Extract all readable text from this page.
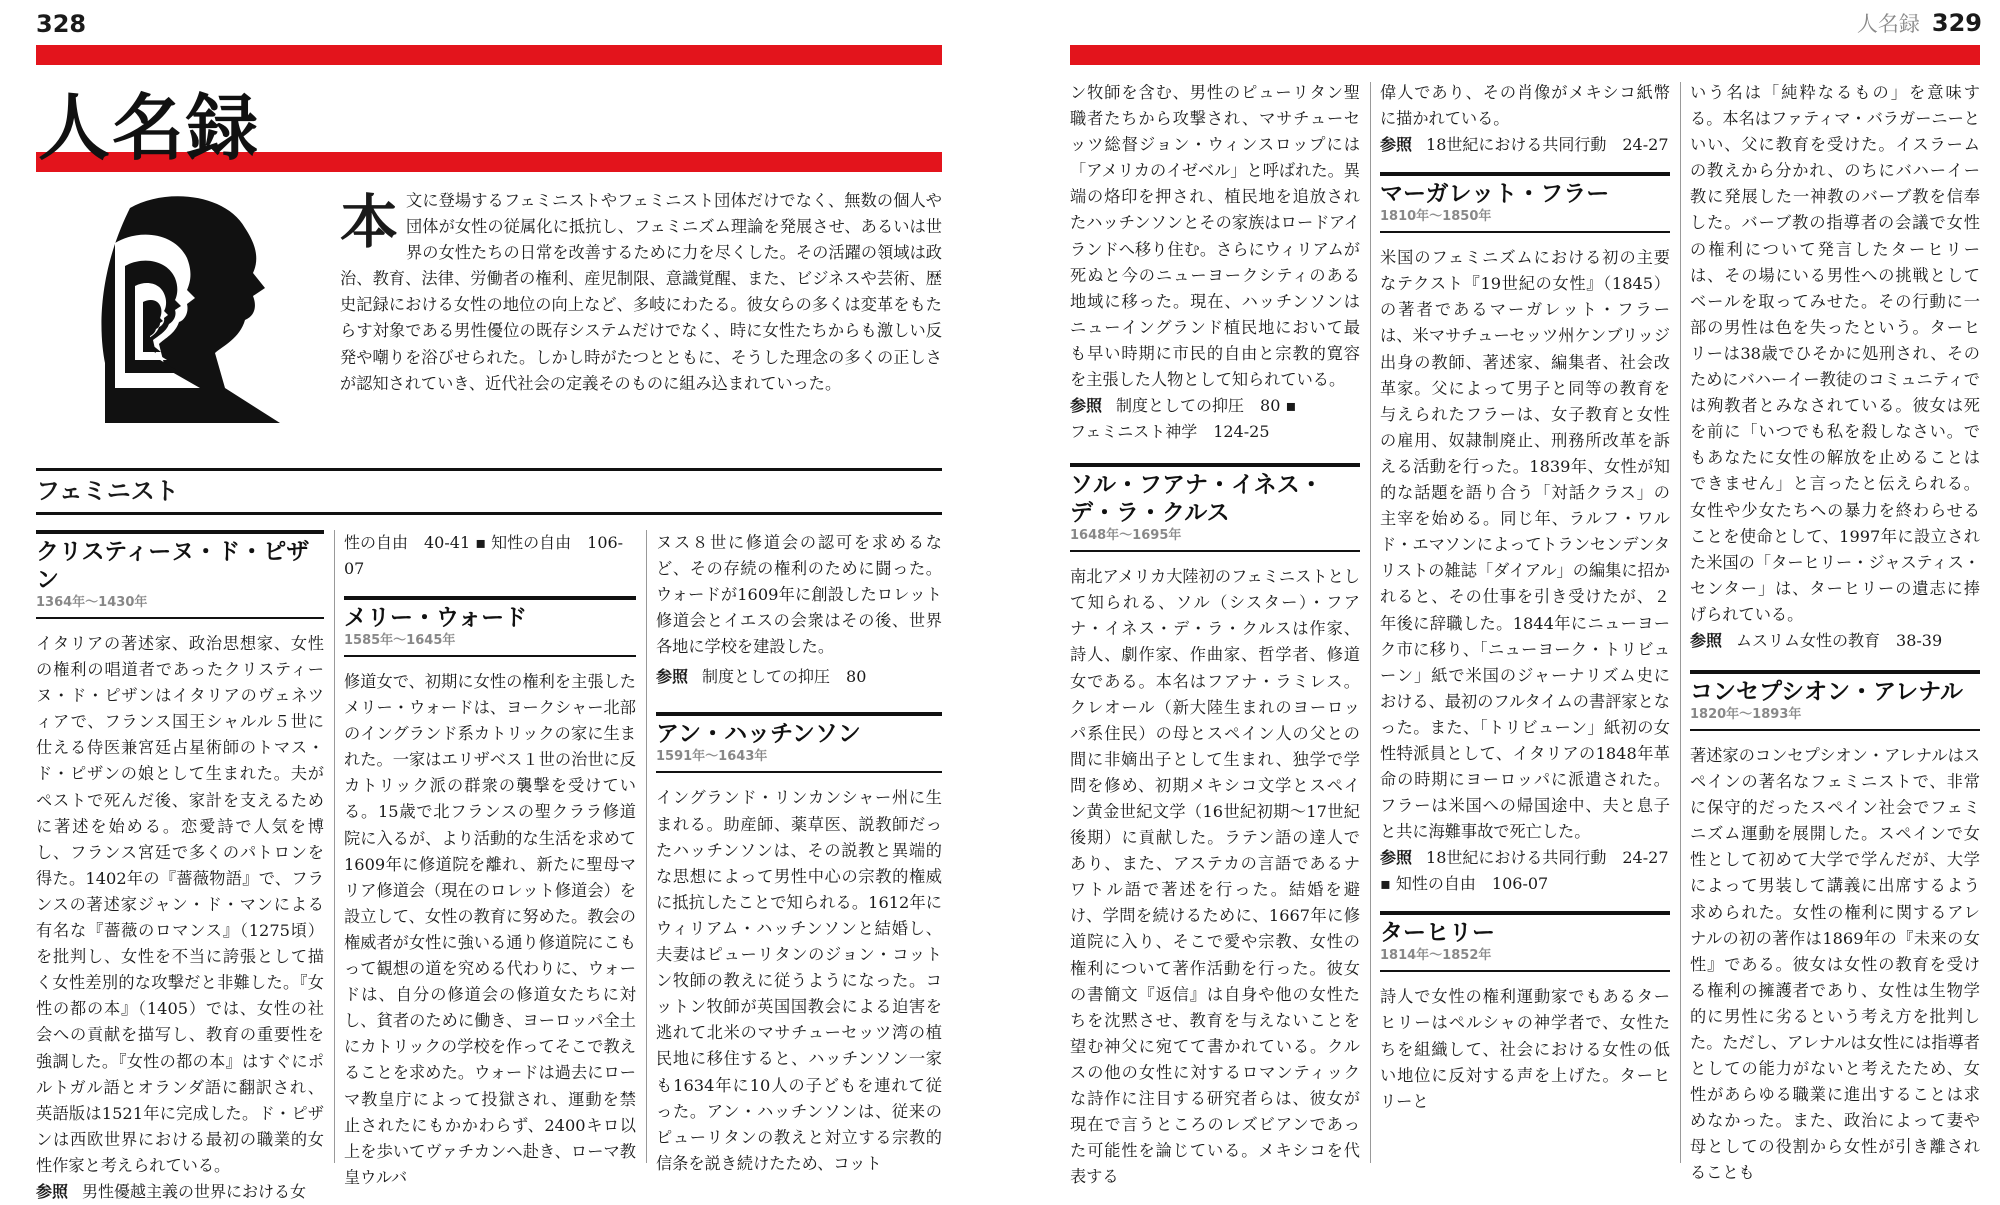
328	人名録 329
人名録
本 文に登場するフェミニストやフェミニスト団体だけでなく、無数の個人や団体が女性の従属化に抵抗し、フェミニズム理論を発展させ、あるいは世界の女性たちの日常を改善するために力を尽くした。その活躍の領域は政治、教育、法律、労働者の権利、産児制限、意識覚醒、また、ビジネスや芸術、歴史記録における女性の地位の向上など、多岐にわたる。彼女らの多くは変革をもたらす対象である男性優位の既存システムだけでなく、時に女性たちからも激しい反発や嘲りを浴びせられた。しかし時がたつとともに、そうした理念の多くの正しさが認知されていき、近代社会の定義そのものに組み込まれていった。

フェミニスト
クリスティーヌ・ド・ピザン
1364年～1430年

イタリアの著述家、政治思想家、女性の権利の唱道者であったクリスティーヌ・ド・ピザンはイタリアのヴェネツィアで、フランス国王シャルル５世に仕える侍医兼宮廷占星術師のトマス・ド・ピザンの娘として生まれた。夫がペストで死んだ後、家計を支えるために著述を始める。恋愛詩で人気を博し、フランス宮廷で多くのパトロンを得た。1402年の『薔薇物語』で、フランスの著述家ジャン・ド・マンによる有名な『薔薇のロマンス』（1275頃）を批判し、女性を不当に誇張として描く女性差別的な攻撃だと非難した。『女性の都の本』（1405）では、女性の社会への貢献を描写し、教育の重要性を強調した。『女性の都の本』はすぐにポルトガル語とオランダ語に翻訳され、英語版は1521年に完成した。ド・ピザンは西欧世界における最初の職業的女性作家と考えられている。

参照 男性優越主義の世界における女
性の自由　40-41 ▪ 知性の自由　106-07
メリー・ウォード
1585年～1645年

修道女で、初期に女性の権利を主張したメリー・ウォードは、ヨークシャー北部のイングランド系カトリックの家に生まれた。一家はエリザベス１世の治世に反カトリック派の群衆の襲撃を受けている。15歳で北フランスの聖クララ修道院に入るが、より活動的な生活を求めて1609年に修道院を離れ、新たに聖母マリア修道会（現在のロレット修道会）を設立して、女性の教育に努めた。教会の権威者が女性に強いる通り修道院にこもって観想の道を究める代わりに、ウォードは、自分の修道会の修道女たちに対し、貧者のために働き、ヨーロッパ全土にカトリックの学校を作ってそこで教えることを求めた。ウォードは過去にローマ教皇庁によって投獄され、運動を禁止されたにもかかわらず、2400キロ以上を歩いてヴァチカンへ赴き、ローマ教皇ウルバ

ヌス８世に修道会の認可を求めるなど、その存続の権利のために闘った。ウォードが1609年に創設したロレット修道会とイエスの会衆はその後、世界各地に学校を建設した。

参照 制度としての抑圧　80
アン・ハッチンソン
1591年～1643年

イングランド・リンカンシャー州に生まれる。助産師、薬草医、説教師だったハッチンソンは、その説教と異端的な思想によって男性中心の宗教的権威に抵抗したことで知られる。1612年にウィリアム・ハッチンソンと結婚し、夫妻はピューリタンのジョン・コットン牧師の教えに従うようになった。コットン牧師が英国国教会による迫害を逃れて北米のマサチューセッツ湾の植民地に移住すると、ハッチンソン一家も1634年に10人の子どもを連れて従った。アン・ハッチンソンは、従来のピューリタンの教えと対立する宗教的信条を説き続けたため、コット

ン牧師を含む、男性のピューリタン聖職者たちから攻撃され、マサチューセッツ総督ジョン・ウィンスロップには「アメリカのイゼベル」と呼ばれた。異端の烙印を押され、植民地を追放されたハッチンソンとその家族はロードアイランドへ移り住む。さらにウィリアムが死ぬと今のニューヨークシティのある地域に移った。現在、ハッチンソンはニューイングランド植民地において最も早い時期に市民的自由と宗教的寛容を主張した人物として知られている。

参照 制度としての抑圧　80 ▪
フェミニスト神学　124-25
ソル・フアナ・イネス・デ・ラ・クルス
1648年～1695年

南北アメリカ大陸初のフェミニストとして知られる、ソル（シスター）・フアナ・イネス・デ・ラ・クルスは作家、詩人、劇作家、作曲家、哲学者、修道女である。本名はフアナ・ラミレス。クレオール（新大陸生まれのヨーロッパ系住民）の母とスペイン人の父との間に非嫡出子として生まれ、独学で学問を修め、初期メキシコ文学とスペイン黄金世紀文学（16世紀初期～17世紀後期）に貢献した。ラテン語の達人であり、また、アステカの言語であるナワトル語で著述を行った。結婚を避け、学問を続けるために、1667年に修道院に入り、そこで愛や宗教、女性の権利について著作活動を行った。彼女の書簡文『返信』は自身や他の女性たちを沈黙させ、教育を与えないことを望む神父に宛てて書かれている。クルスの他の女性に対するロマンティックな詩作に注目する研究者らは、彼女が現在で言うところのレズビアンであった可能性を論じている。メキシコを代表する

偉人であり、その肖像がメキシコ紙幣に描かれている。

参照 18世紀における共同行動　24-27
マーガレット・フラー
1810年～1850年

米国のフェミニズムにおける初の主要なテクスト『19世紀の女性』（1845）の著者であるマーガレット・フラーは、米マサチューセッツ州ケンブリッジ出身の教師、著述家、編集者、社会改革家。父によって男子と同等の教育を与えられたフラーは、女子教育と女性の雇用、奴隷制廃止、刑務所改革を訴える活動を行った。1839年、女性が知的な話題を語り合う「対話クラス」の主宰を始める。同じ年、ラルフ・ワルド・エマソンによってトランセンデンタリストの雑誌「ダイアル」の編集に招かれると、その仕事を引き受けたが、２年後に辞職した。1844年にニューヨーク市に移り、「ニューヨーク・トリビューン」紙で米国のジャーナリズム史における、最初のフルタイムの書評家となった。また、「トリビューン」紙初の女性特派員として、イタリアの1848年革命の時期にヨーロッパに派遣された。フラーは米国への帰国途中、夫と息子と共に海難事故で死亡した。

参照 18世紀における共同行動　24-27
▪ 知性の自由　106-07
ターヒリー
1814年～1852年

詩人で女性の権利運動家でもあるターヒリーはペルシャの神学者で、女性たちを組織して、社会における女性の低い地位に反対する声を上げた。ターヒリーと

いう名は「純粋なるもの」を意味する。本名はファティマ・バラガーニーといい、父に教育を受けた。イスラームの教えから分かれ、のちにバハーイー教に発展した一神教のバーブ教を信奉した。バーブ教の指導者の会議で女性の権利について発言したターヒリーは、その場にいる男性への挑戦としてベールを取ってみせた。その行動に一部の男性は色を失ったという。ターヒリーは38歳でひそかに処刑され、そのためにバハーイー教徒のコミュニティでは殉教者とみなされている。彼女は死を前に「いつでも私を殺しなさい。でもあなたに女性の解放を止めることはできません」と言ったと伝えられる。女性や少女たちへの暴力を終わらせることを使命として、1997年に設立された米国の「ターヒリー・ジャスティス・センター」は、ターヒリーの遺志に捧げられている。

参照 ムスリム女性の教育　38-39
コンセプシオン・アレナル
1820年～1893年

著述家のコンセプシオン・アレナルはスペインの著名なフェミニストで、非常に保守的だったスペイン社会でフェミニズム運動を展開した。スペインで女性として初めて大学で学んだが、大学によって男装して講義に出席するよう求められた。女性の権利に関するアレナルの初の著作は1869年の『未来の女性』である。彼女は女性の教育を受ける権利の擁護者であり、女性は生物学的に男性に劣るという考え方を批判した。ただし、アレナルは女性には指導者としての能力がないと考えたため、女性があらゆる職業に進出することは求めなかった。また、政治によって妻や母としての役割から女性が引き離されることも
